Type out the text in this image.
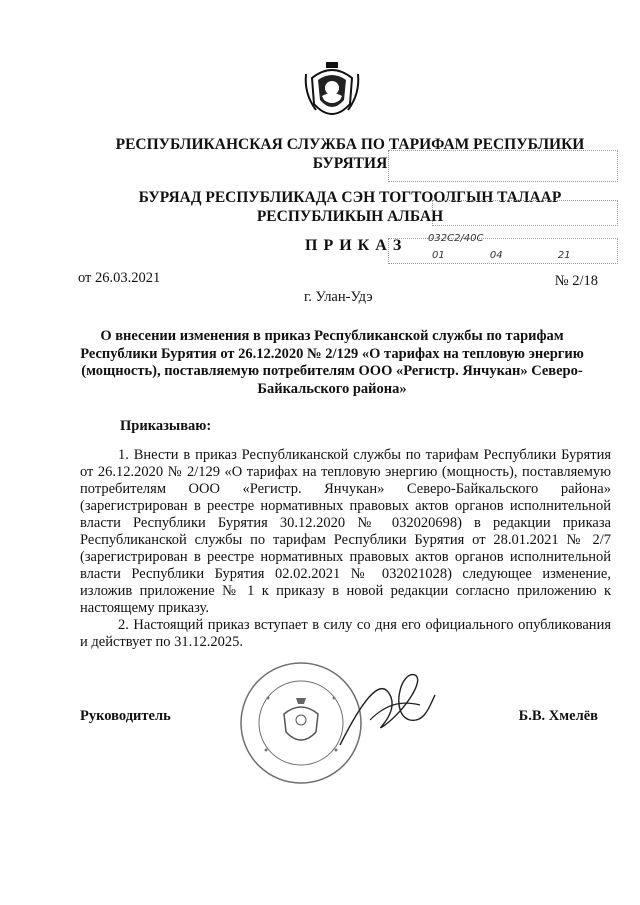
РЕСПУБЛИКАНСКАЯ СЛУЖБА ПО ТАРИФАМ РЕСПУБЛИКИ
БУРЯТИЯ
БУРЯАД РЕСПУБЛИКАДА СЭН ТОГТООЛГЫН ТАЛААР
РЕСПУБЛИКЫН АЛБАН
П Р И К А З	032С2/40С
01	04	21
от 26.03.2021	№ 2/18
г. Улан-Удэ
О внесении изменения в приказ Республиканской службы по тарифам
Республики Бурятия от 26.12.2020 № 2/129 «О тарифах на тепловую энергию
(мощность), поставляемую потребителям ООО «Регистр. Янчукан» Северо-
Байкальского района»
Приказываю:

1. Внести в приказ Республиканской службы по тарифам Республики Бурятия от 26.12.2020 № 2/129 «О тарифах на тепловую энергию (мощность), поставляемую потребителям ООО «Регистр. Янчукан» Северо-Байкальского района» (зарегистрирован в реестре нормативных правовых актов органов исполнительной власти Республики Бурятия 30.12.2020 № 032020698) в редакции приказа Республиканской службы по тарифам Республики Бурятия от 28.01.2021 № 2/7 (зарегистрирован в реестре нормативных правовых актов органов исполнительной власти Республики Бурятия 02.02.2021 № 032021028) следующее изменение, изложив приложение № 1 к приказу в новой редакции согласно приложению к настоящему приказу.

2. Настоящий приказ вступает в силу со дня его официального опубликования и действует по 31.12.2025.

Руководитель	Б.В. Хмелёв
